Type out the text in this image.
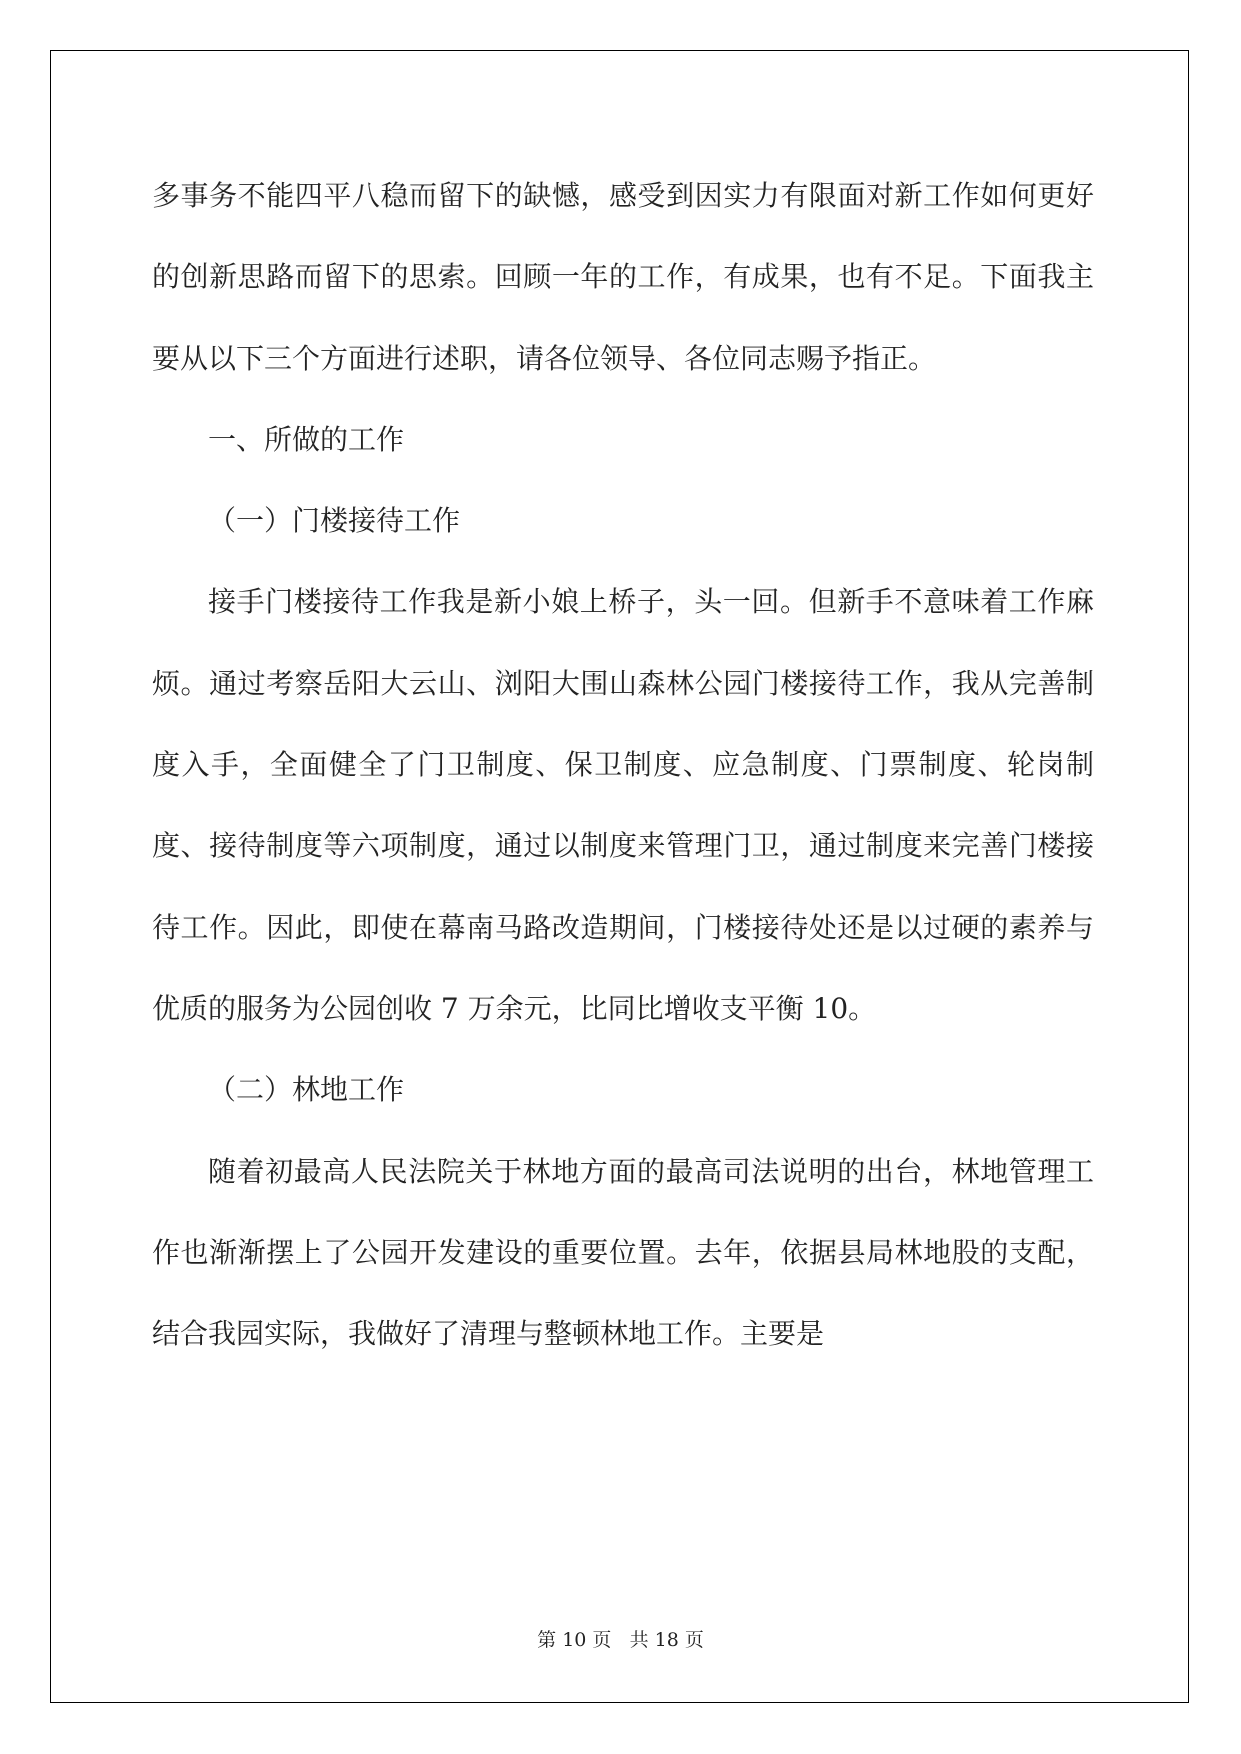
多事务不能四平八稳而留下的缺憾，感受到因实力有限面对新工作如何更好的创新思路而留下的思索。回顾一年的工作，有成果，也有不足。下面我主要从以下三个方面进行述职，请各位领导、各位同志赐予指正。

一、所做的工作

（一）门楼接待工作

接手门楼接待工作我是新小娘上桥子，头一回。但新手不意味着工作麻烦。通过考察岳阳大云山、浏阳大围山森林公园门楼接待工作，我从完善制度入手，全面健全了门卫制度、保卫制度、应急制度、门票制度、轮岗制度、接待制度等六项制度，通过以制度来管理门卫，通过制度来完善门楼接待工作。因此，即使在幕南马路改造期间，门楼接待处还是以过硬的素养与优质的服务为公园创收 7 万余元，比同比增收支平衡 10。

（二）林地工作

随着初最高人民法院关于林地方面的最高司法说明的出台，林地管理工作也渐渐摆上了公园开发建设的重要位置。去年，依据县局林地股的支配，结合我园实际，我做好了清理与整顿林地工作。主要是

第 10 页 共 18 页
